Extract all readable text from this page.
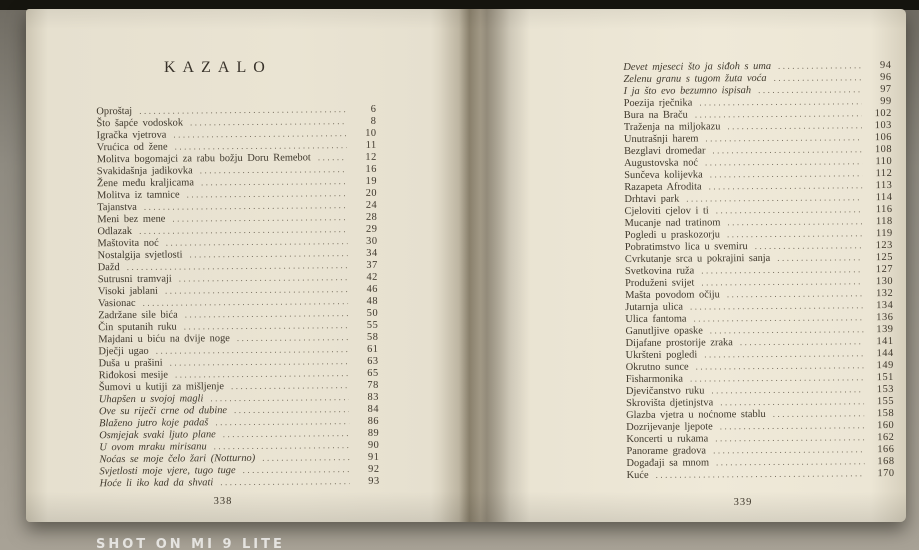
KAZALO
Oproštaj .....	6
Što šapće vodoskok .....	8
Igračka vjetrova .....	10
Vrućica od žene .....	11
Molitva bogomajci za rabu božju Doru Remebot .....	12
Svakidašnja jadikovka .....	16
Žene među kraljicama .....	19
Molitva iz tamnice .....	20
Tajanstva .....	24
Meni bez mene .....	28
Odlazak .....	29
Maštovita noć .....	30
Nostalgija svjetlosti .....	34
Dažd .....	37
Sutrusni tramvaji .....	42
Visoki jablani .....	46
Vasionac .....	48
Zadržane sile bića .....	50
Čin sputanih ruku .....	55
Majdani u biću na dvije noge .....	58
Dječji ugao .....	61
Duša u prašini .....	63
Riđokosi mesije .....	65
Šumovi u kutiji za mišljenje .....	78
Uhapšen u svojoj magli .....	83
Ove su riječi crne od dubine .....	84
Blaženo jutro koje padaš .....	86
Osmjejak svaki ljuto plane .....	89
U ovom mraku mirisanu .....	90
Noćas se moje čelo žari (Notturno) .....	91
Svjetlosti moje vjere, tugo tuge .....	92
Hoće li iko kad da shvati .....	93
338
Devet mjeseci što ja siđoh s uma .....	94
Zelenu granu s tugom žuta voća .....	96
I ja što evo bezumno ispisah .....	97
Poezija rječnika .....	99
Bura na Braču .....	102
Traženja na miljokazu .....	103
Unutrašnji harem .....	106
Bezglavi dromedar .....	108
Augustovska noć .....	110
Sunčeva kolijevka .....	112
Razapeta Afrodita .....	113
Drhtavi park .....	114
Cjeloviti cjelov i ti .....	116
Mucanje nad tratinom .....	118
Pogledi u praskozorju .....	119
Pobratimstvo lica u svemiru .....	123
Cvrkutanje srca u pokrajini sanja .....	125
Svetkovina ruža .....	127
Produženi svijet .....	130
Mašta povodom očiju .....	132
Jutarnja ulica .....	134
Ulica fantoma .....	136
Ganutljive opaske .....	139
Dijafane prostorije zraka .....	141
Ukršteni pogledi .....	144
Okrutno sunce .....	149
Fisharmonika .....	151
Djevičanstvo ruku .....	153
Skrovišta djetinjstva .....	155
Glazba vjetra u noćnome stablu .....	158
Dozrijevanje ljepote .....	160
Koncerti u rukama .....	162
Panorame gradova .....	166
Događaji sa mnom .....	168
Kuće .....	170
339
SHOT ON MI 9 LITE
